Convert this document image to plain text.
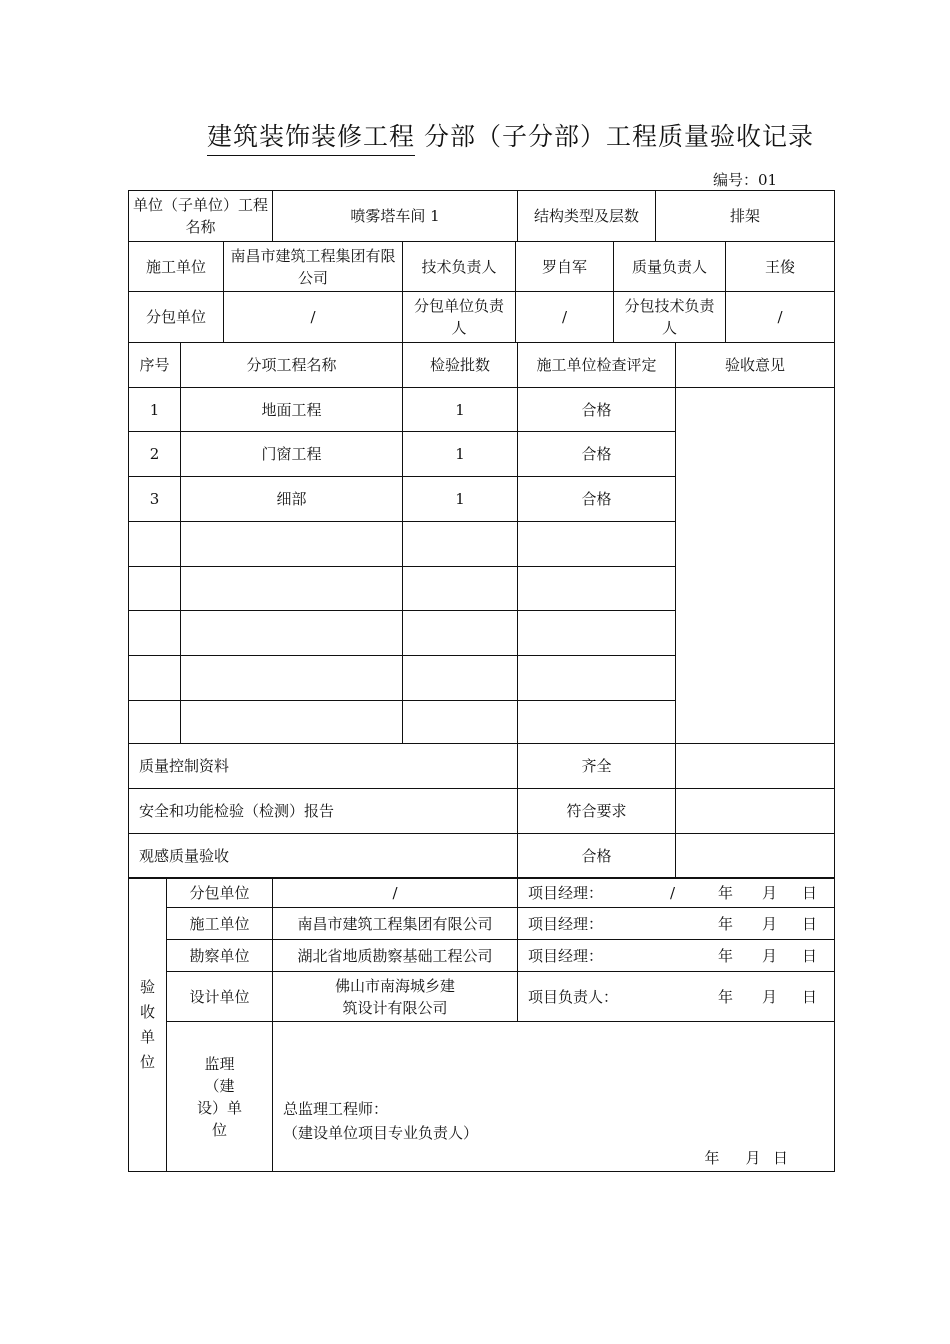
建筑装饰装修工程 分部（子分部）工程质量验收记录
编号：01
单位（子单位）工程名称	喷雾塔车间 1	结构类型及层数	排架
施工单位	南昌市建筑工程集团有限公司	技术负责人	罗自军	质量负责人	王俊
分包单位	/	分包单位负责人	/	分包技术负责人	/
序号	分项工程名称	检验批数	施工单位检查评定	验收意见
1	地面工程	1	合格	
2	门窗工程	1	合格	
3	细部	1	合格	

质量控制资料			齐全	
安全和功能检验（检测）报告			符合要求	
观感质量验收			合格	
验收单位	分包单位	/	项目经理： / 年 月 日
	施工单位	南昌市建筑工程集团有限公司	项目经理： 年 月 日
	勘察单位	湖北省地质勘察基础工程公司	项目经理： 年 月 日
	设计单位	佛山市南海城乡建筑设计有限公司	项目负责人： 年 月 日

	监理（建设）单位	总监理工程师：
（建设单位项目专业负责人）
年 月 日	
